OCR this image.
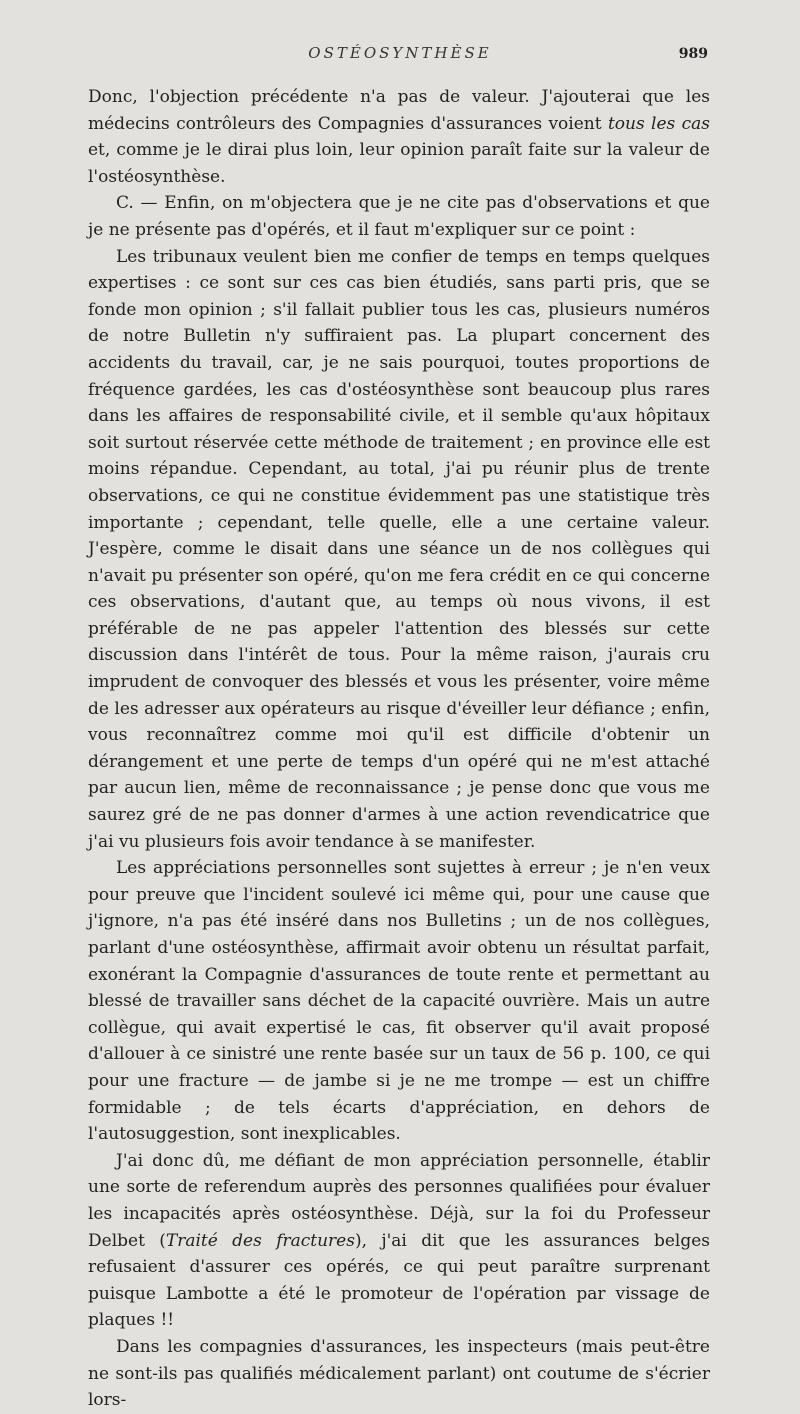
OSTÉOSYNTHÈSE	989

Donc, l'objection précédente n'a pas de valeur. J'ajouterai que les médecins contrôleurs des Compagnies d'assurances voient tous les cas et, comme je le dirai plus loin, leur opinion paraît faite sur la valeur de l'ostéosynthèse.

C. — Enfin, on m'objectera que je ne cite pas d'observations et que je ne présente pas d'opérés, et il faut m'expliquer sur ce point :

Les tribunaux veulent bien me confier de temps en temps quelques expertises : ce sont sur ces cas bien étudiés, sans parti pris, que se fonde mon opinion ; s'il fallait publier tous les cas, plusieurs numéros de notre Bulletin n'y suffiraient pas. La plupart concernent des accidents du travail, car, je ne sais pourquoi, toutes proportions de fréquence gardées, les cas d'ostéosynthèse sont beaucoup plus rares dans les affaires de responsabilité civile, et il semble qu'aux hôpitaux soit surtout réservée cette méthode de traitement ; en province elle est moins répandue. Cependant, au total, j'ai pu réunir plus de trente observations, ce qui ne constitue évidemment pas une statistique très importante ; cependant, telle quelle, elle a une certaine valeur. J'espère, comme le disait dans une séance un de nos collègues qui n'avait pu présenter son opéré, qu'on me fera crédit en ce qui concerne ces observations, d'autant que, au temps où nous vivons, il est préférable de ne pas appeler l'attention des blessés sur cette discussion dans l'intérêt de tous. Pour la même raison, j'aurais cru imprudent de convoquer des blessés et vous les présenter, voire même de les adresser aux opérateurs au risque d'éveiller leur défiance ; enfin, vous reconnaîtrez comme moi qu'il est difficile d'obtenir un dérangement et une perte de temps d'un opéré qui ne m'est attaché par aucun lien, même de reconnaissance ; je pense donc que vous me saurez gré de ne pas donner d'armes à une action revendicatrice que j'ai vu plusieurs fois avoir tendance à se manifester.

Les appréciations personnelles sont sujettes à erreur ; je n'en veux pour preuve que l'incident soulevé ici même qui, pour une cause que j'ignore, n'a pas été inséré dans nos Bulletins ; un de nos collègues, parlant d'une ostéosynthèse, affirmait avoir obtenu un résultat parfait, exonérant la Compagnie d'assurances de toute rente et permettant au blessé de travailler sans déchet de la capacité ouvrière. Mais un autre collègue, qui avait expertisé le cas, fit observer qu'il avait proposé d'allouer à ce sinistré une rente basée sur un taux de 56 p. 100, ce qui pour une fracture — de jambe si je ne me trompe — est un chiffre formidable ; de tels écarts d'appréciation, en dehors de l'autosuggestion, sont inexplicables.

J'ai donc dû, me défiant de mon appréciation personnelle, établir une sorte de referendum auprès des personnes qualifiées pour évaluer les incapacités après ostéosynthèse. Déjà, sur la foi du Professeur Delbet (Traité des fractures), j'ai dit que les assurances belges refusaient d'assurer ces opérés, ce qui peut paraître surprenant puisque Lambotte a été le promoteur de l'opération par vissage de plaques !!

Dans les compagnies d'assurances, les inspecteurs (mais peut-être ne sont-ils pas qualifiés médicalement parlant) ont coutume de s'écrier lors-
